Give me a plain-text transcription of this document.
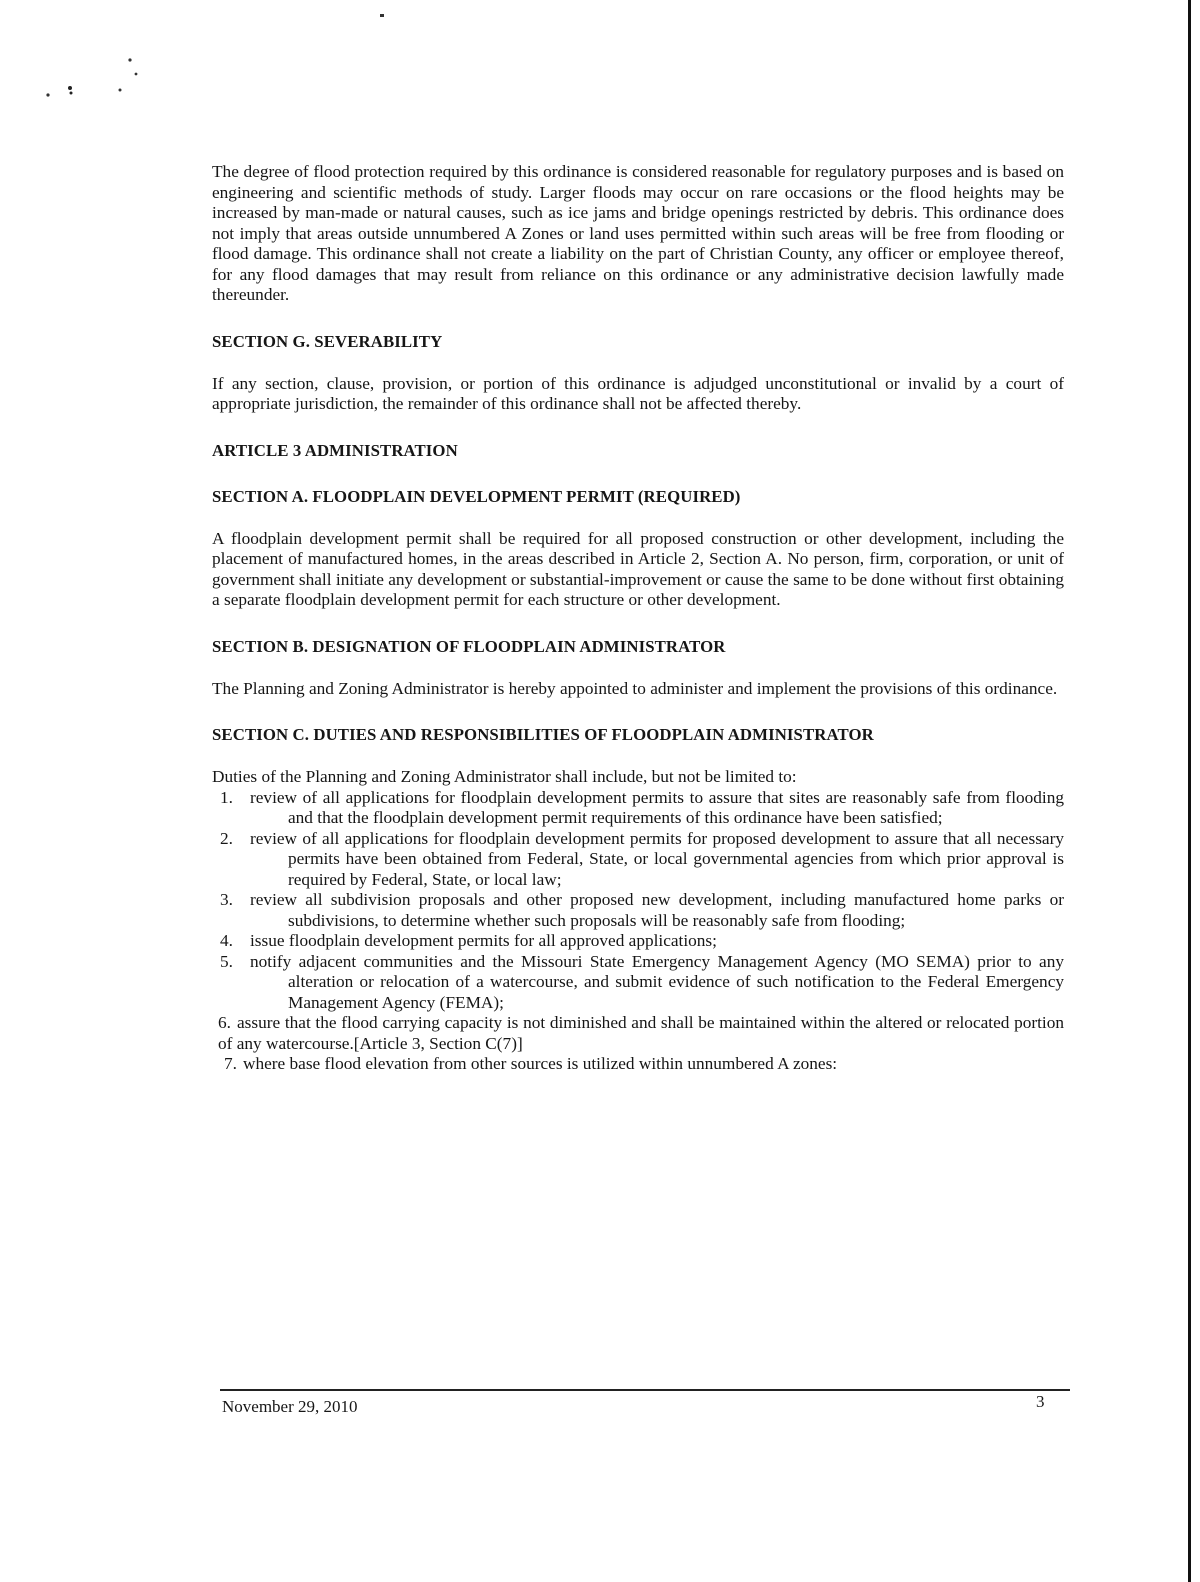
The degree of flood protection required by this ordinance is considered reasonable for regulatory purposes and is based on engineering and scientific methods of study. Larger floods may occur on rare occasions or the flood heights may be increased by man-made or natural causes, such as ice jams and bridge openings restricted by debris. This ordinance does not imply that areas outside unnumbered A Zones or land uses permitted within such areas will be free from flooding or flood damage. This ordinance shall not create a liability on the part of Christian County, any officer or employee thereof, for any flood damages that may result from reliance on this ordinance or any administrative decision lawfully made thereunder.

SECTION G. SEVERABILITY

If any section, clause, provision, or portion of this ordinance is adjudged unconstitutional or invalid by a court of appropriate jurisdiction, the remainder of this ordinance shall not be affected thereby.

ARTICLE 3 ADMINISTRATION
SECTION A. FLOODPLAIN DEVELOPMENT PERMIT (REQUIRED)

A floodplain development permit shall be required for all proposed construction or other development, including the placement of manufactured homes, in the areas described in Article 2, Section A. No person, firm, corporation, or unit of government shall initiate any development or substantial-improvement or cause the same to be done without first obtaining a separate floodplain development permit for each structure or other development.

SECTION B. DESIGNATION OF FLOODPLAIN ADMINISTRATOR

The Planning and Zoning Administrator is hereby appointed to administer and implement the provisions of this ordinance.

SECTION C. DUTIES AND RESPONSIBILITIES OF FLOODPLAIN ADMINISTRATOR

Duties of the Planning and Zoning Administrator shall include, but not be limited to:

1. review of all applications for floodplain development permits to assure that sites are reasonably safe from flooding and that the floodplain development permit requirements of this ordinance have been satisfied;

2. review of all applications for floodplain development permits for proposed development to assure that all necessary permits have been obtained from Federal, State, or local governmental agencies from which prior approval is required by Federal, State, or local law;

3. review all subdivision proposals and other proposed new development, including manufactured home parks or subdivisions, to determine whether such proposals will be reasonably safe from flooding;

4. issue floodplain development permits for all approved applications;

5. notify adjacent communities and the Missouri State Emergency Management Agency (MO SEMA) prior to any alteration or relocation of a watercourse, and submit evidence of such notification to the Federal Emergency Management Agency (FEMA);

6. assure that the flood carrying capacity is not diminished and shall be maintained within the altered or relocated portion of any watercourse.[Article 3, Section C(7)]

7. where base flood elevation from other sources is utilized within unnumbered A zones:

November 29, 2010	3
